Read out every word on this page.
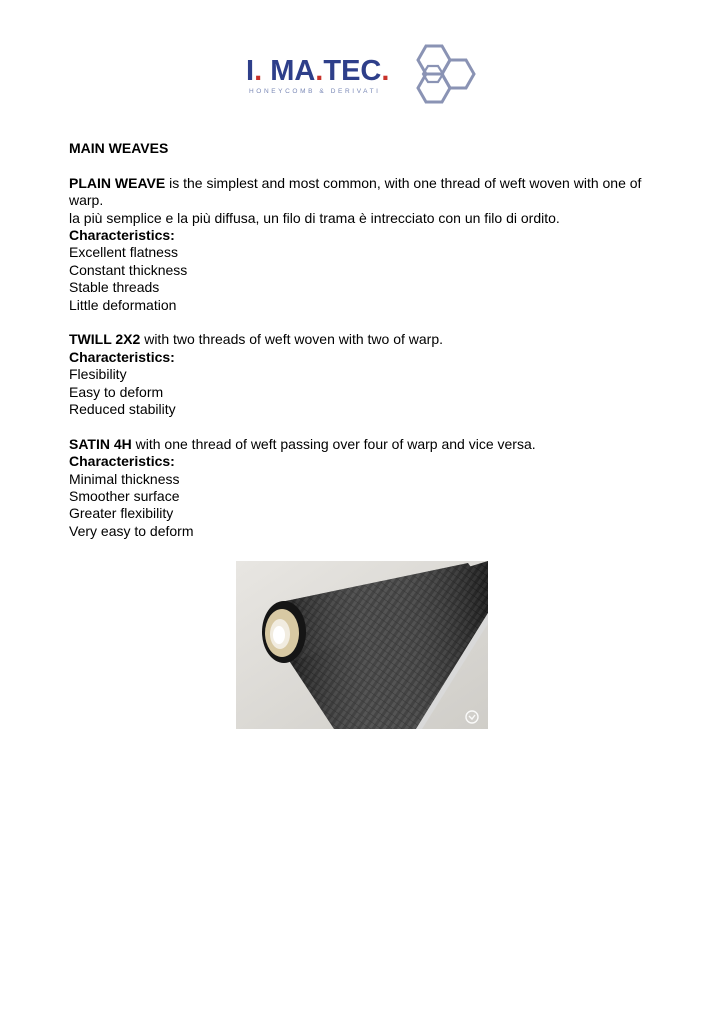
I. MA.TEC.
HONEYCOMB & DERIVATI

MAIN WEAVES

PLAIN WEAVE is the simplest and most common, with one thread of weft woven with one of warp.

la più semplice e la più diffusa, un filo di trama è intrecciato con un filo di ordito.

Characteristics:

Excellent flatness

Constant thickness

Stable threads

Little deformation

TWILL 2X2 with two threads of weft woven with two of warp.

Characteristics:

Flesibility

Easy to deform

Reduced stability

SATIN 4H with one thread of weft passing over four of warp and vice versa.

Characteristics:

Minimal thickness

Smoother surface

Greater flexibility

Very easy to deform
